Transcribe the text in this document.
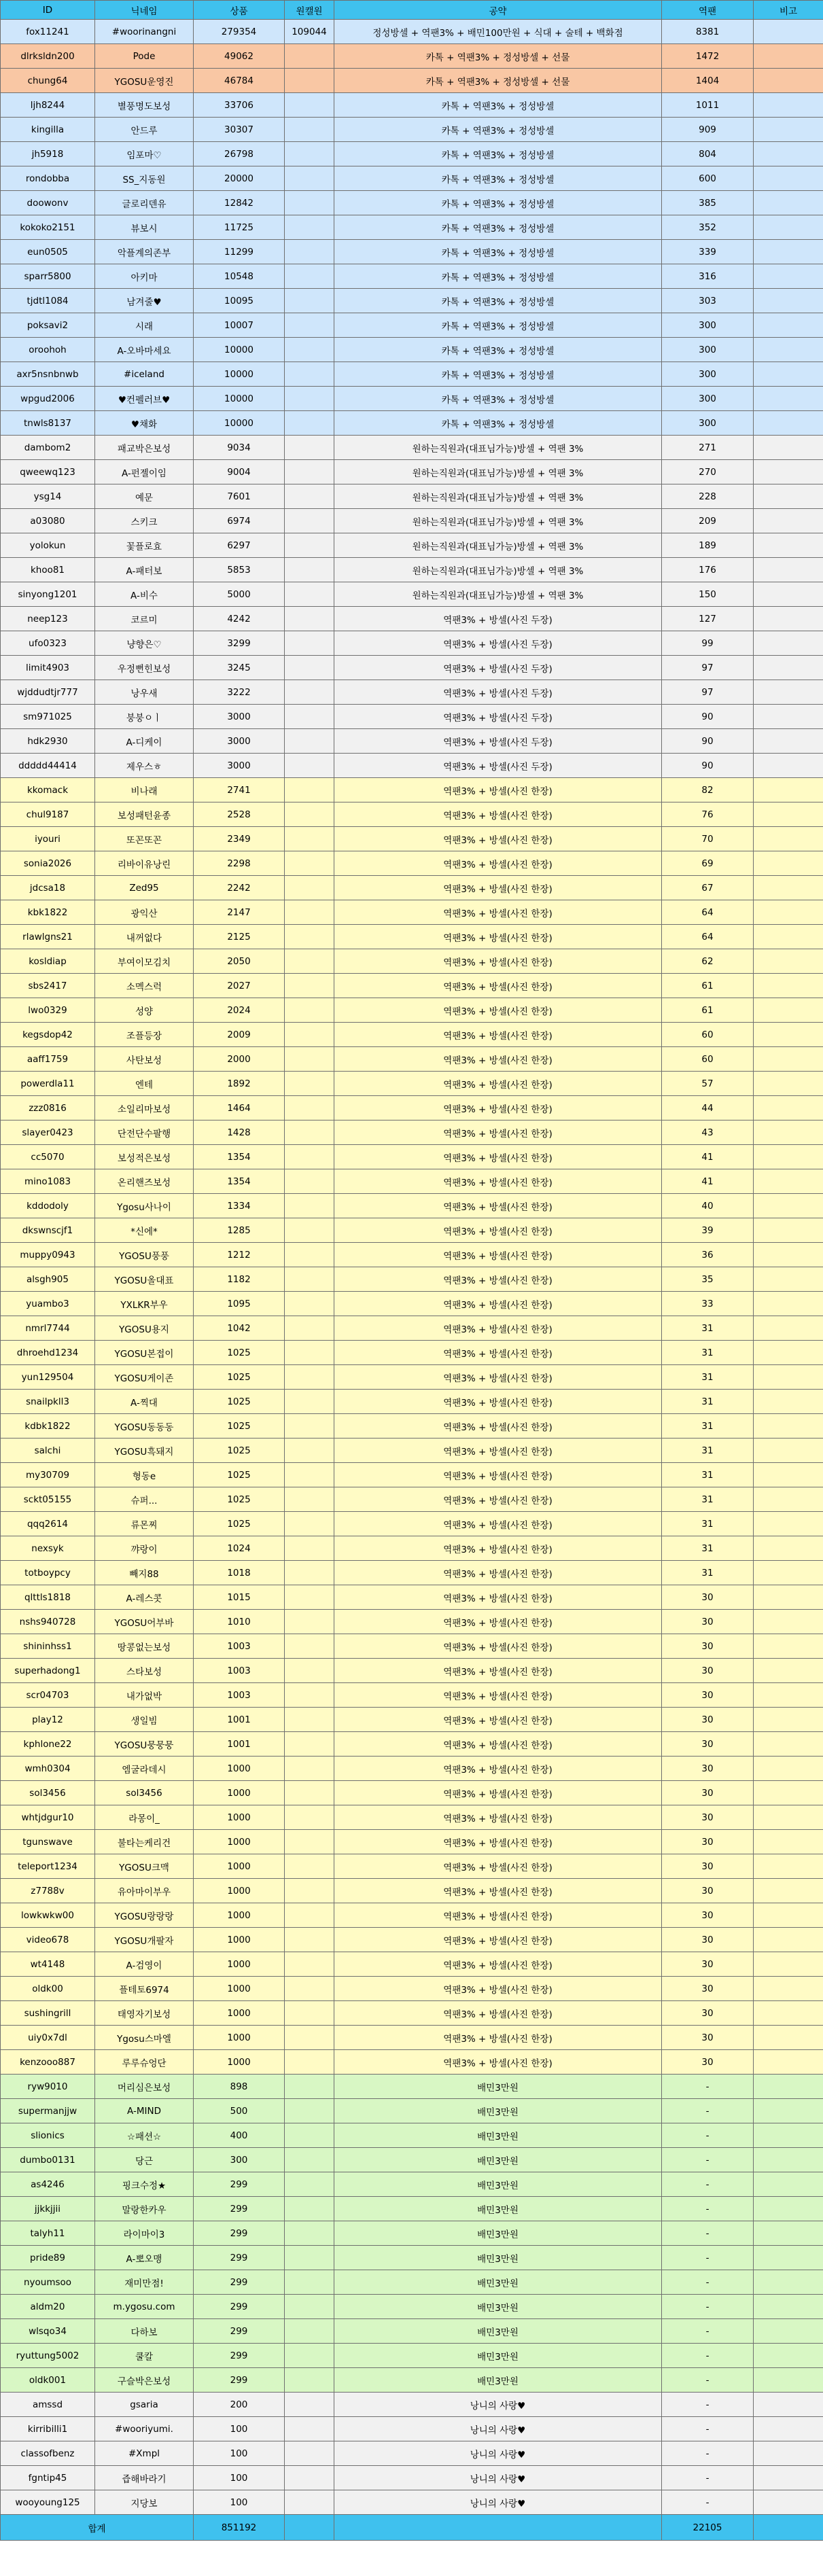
ID	닉네임	상품	원캘원	공약	역팬	비고
fox11241	#woorinangni	279354	109044	정성방셀 + 역팬3% + 배민100만원 + 식대 + 술테 + 백화점	8381	
dlrksldn200	Pode	49062		카톡 + 역팬3% + 정성방셀 + 선물	1472	
chung64	YGOSU운영진	46784		카톡 + 역팬3% + 정성방셀 + 선물	1404	
ljh8244	별풍명도보성	33706		카톡 + 역팬3% + 정성방셀	1011	
kingilla	안드루	30307		카톡 + 역팬3% + 정성방셀	909	
jh5918	임포마♡	26798		카톡 + 역팬3% + 정성방셀	804	
rondobba	SS_지동원	20000		카톡 + 역팬3% + 정성방셀	600	
doowonv	글로리덴유	12842		카톡 + 역팬3% + 정성방셀	385	
kokoko2151	뷰보시	11725		카톡 + 역팬3% + 정성방셀	352	
eun0505	악플계의존부	11299		카톡 + 역팬3% + 정성방셀	339	
sparr5800	아키마	10548		카톡 + 역팬3% + 정성방셀	316	
tjdtl1084	남겨줄♥	10095		카톡 + 역팬3% + 정성방셀	303	
poksavi2	시래	10007		카톡 + 역팬3% + 정성방셀	300	
oroohoh	A-오바마세요	10000		카톡 + 역팬3% + 정성방셀	300	
axr5nsnbnwb	#iceland	10000		카톡 + 역팬3% + 정성방셀	300	
wpgud2006	♥컨펠러브♥	10000		카톡 + 역팬3% + 정성방셀	300	
tnwls8137	♥채화	10000		카톡 + 역팬3% + 정성방셀	300	
dambom2	패교박은보성	9034		원하는직원과(대표님가능)방셀 + 역팬 3%	271	
qweewq123	A-펀젤이임	9004		원하는직원과(대표님가능)방셀 + 역팬 3%	270	
ysg14	예문	7601		원하는직원과(대표님가능)방셀 + 역팬 3%	228	
a03080	스키크	6974		원하는직원과(대표님가능)방셀 + 역팬 3%	209	
yolokun	꽃플로효	6297		원하는직원과(대표님가능)방셀 + 역팬 3%	189	
khoo81	A-패터보	5853		원하는직원과(대표님가능)방셀 + 역팬 3%	176	
sinyong1201	A-비수	5000		원하는직원과(대표님가능)방셀 + 역팬 3%	150	
neep123	코르미	4242		역팬3% + 방셀(사진 두장)	127	
ufo0323	냥향은♡	3299		역팬3% + 방셀(사진 두장)	99	
limit4903	우정뻔힌보성	3245		역팬3% + 방셀(사진 두장)	97	
wjddudtjr777	낭우새	3222		역팬3% + 방셀(사진 두장)	97	
sm971025	붕붕ㅇㅣ	3000		역팬3% + 방셀(사진 두장)	90	
hdk2930	A-디케이	3000		역팬3% + 방셀(사진 두장)	90	
ddddd44414	제우스ㅎ	3000		역팬3% + 방셀(사진 두장)	90	
kkomack	비나래	2741		역팬3% + 방셀(사진 한장)	82	
chul9187	보성패턴윤종	2528		역팬3% + 방셀(사진 한장)	76	
iyouri	또꼰또꼰	2349		역팬3% + 방셀(사진 한장)	70	
sonia2026	리바이유낭린	2298		역팬3% + 방셀(사진 한장)	69	
jdcsa18	Zed95	2242		역팬3% + 방셀(사진 한장)	67	
kbk1822	광익산	2147		역팬3% + 방셀(사진 한장)	64	
rlawlgns21	내꺼없다	2125		역팬3% + 방셀(사진 한장)	64	
kosldiap	부여이모김치	2050		역팬3% + 방셀(사진 한장)	62	
sbs2417	소멕스럭	2027		역팬3% + 방셀(사진 한장)	61	
lwo0329	성양	2024		역팬3% + 방셀(사진 한장)	61	
kegsdop42	조플등장	2009		역팬3% + 방셀(사진 한장)	60	
aaff1759	사탄보성	2000		역팬3% + 방셀(사진 한장)	60	
powerdla11	엔테	1892		역팬3% + 방셀(사진 한장)	57	
zzz0816	소일리마보성	1464		역팬3% + 방셀(사진 한장)	44	
slayer0423	단전단수팔행	1428		역팬3% + 방셀(사진 한장)	43	
cc5070	보성적은보성	1354		역팬3% + 방셀(사진 한장)	41	
mino1083	온리핸즈보성	1354		역팬3% + 방셀(사진 한장)	41	
kddodoly	Ygosu사나이	1334		역팬3% + 방셀(사진 한장)	40	
dkswnscjf1	*신에*	1285		역팬3% + 방셀(사진 한장)	39	
muppy0943	YGOSU풍풍	1212		역팬3% + 방셀(사진 한장)	36	
alsgh905	YGOSU올대표	1182		역팬3% + 방셀(사진 한장)	35	
yuambo3	YXLKR부우	1095		역팬3% + 방셀(사진 한장)	33	
nmrl7744	YGOSU용지	1042		역팬3% + 방셀(사진 한장)	31	
dhroehd1234	YGOSU본접이	1025		역팬3% + 방셀(사진 한장)	31	
yun129504	YGOSU게이존	1025		역팬3% + 방셀(사진 한장)	31	
snailpkll3	A-찍대	1025		역팬3% + 방셀(사진 한장)	31	
kdbk1822	YGOSU동동동	1025		역팬3% + 방셀(사진 한장)	31	
salchi	YGOSU흑돼지	1025		역팬3% + 방셀(사진 한장)	31	
my30709	형동e	1025		역팬3% + 방셀(사진 한장)	31	
sckt05155	슈퍼...	1025		역팬3% + 방셀(사진 한장)	31	
qqq2614	류몬찌	1025		역팬3% + 방셀(사진 한장)	31	
nexsyk	꺄랑이	1024		역팬3% + 방셀(사진 한장)	31	
totboypcy	빼지88	1018		역팬3% + 방셀(사진 한장)	31	
qlttls1818	A-레스콧	1015		역팬3% + 방셀(사진 한장)	30	
nshs940728	YGOSU어부바	1010		역팬3% + 방셀(사진 한장)	30	
shininhss1	땅콩없는보성	1003		역팬3% + 방셀(사진 한장)	30	
superhadong1	스타보성	1003		역팬3% + 방셀(사진 한장)	30	
scr04703	내가없박	1003		역팬3% + 방셀(사진 한장)	30	
play12	생일빔	1001		역팬3% + 방셀(사진 한장)	30	
kphlone22	YGOSU뭉뭉뭉	1001		역팬3% + 방셀(사진 한장)	30	
wmh0304	엠굴라데시	1000		역팬3% + 방셀(사진 한장)	30	
sol3456	sol3456	1000		역팬3% + 방셀(사진 한장)	30	
whtjdgur10	라몽이_	1000		역팬3% + 방셀(사진 한장)	30	
tgunswave	불타는케리건	1000		역팬3% + 방셀(사진 한장)	30	
teleport1234	YGOSU크맥	1000		역팬3% + 방셀(사진 한장)	30	
z7788v	유아마이부우	1000		역팬3% + 방셀(사진 한장)	30	
lowkwkw00	YGOSU랑랑랑	1000		역팬3% + 방셀(사진 한장)	30	
video678	YGOSU개팔자	1000		역팬3% + 방셀(사진 한장)	30	
wt4148	A-검영이	1000		역팬3% + 방셀(사진 한장)	30	
oldk00	플테토6974	1000		역팬3% + 방셀(사진 한장)	30	
sushingrill	태영자기보성	1000		역팬3% + 방셀(사진 한장)	30	
uiy0x7dl	Ygosu스마엘	1000		역팬3% + 방셀(사진 한장)	30	
kenzooo887	루루슈엉단	1000		역팬3% + 방셀(사진 한장)	30	
ryw9010	머리심은보성	898		배민3만원	-	
supermanjjw	A-MIND	500		배민3만원	-	
slionics	☆패션☆	400		배민3만원	-	
dumbo0131	당근	300		배민3만원	-	
as4246	핑크수정★	299		배민3만원	-	
jjkkjjii	말랑한카우	299		배민3만원	-	
talyh11	라이마이3	299		배민3만원	-	
pride89	A-뽀오맹	299		배민3만원	-	
nyoumsoo	재미만점!	299		배민3만원	-	
aldm20	m.ygosu.com	299		배민3만원	-	
wlsqo34	다하보	299		배민3만원	-	
ryuttung5002	쿨칼	299		배민3만원	-	
oldk001	구슬박은보성	299		배민3만원	-	
amssd	gsaria	200		낭니의 사랑♥	-	
kirribilli1	#wooriyumi.	100		낭니의 사랑♥	-	
classofbenz	#Xmpl	100		낭니의 사랑♥	-	
fgntip45	즙해바라기	100		낭니의 사랑♥	-	
wooyoung125	지당보	100		낭니의 사랑♥	-	
합계		851192			22105	
